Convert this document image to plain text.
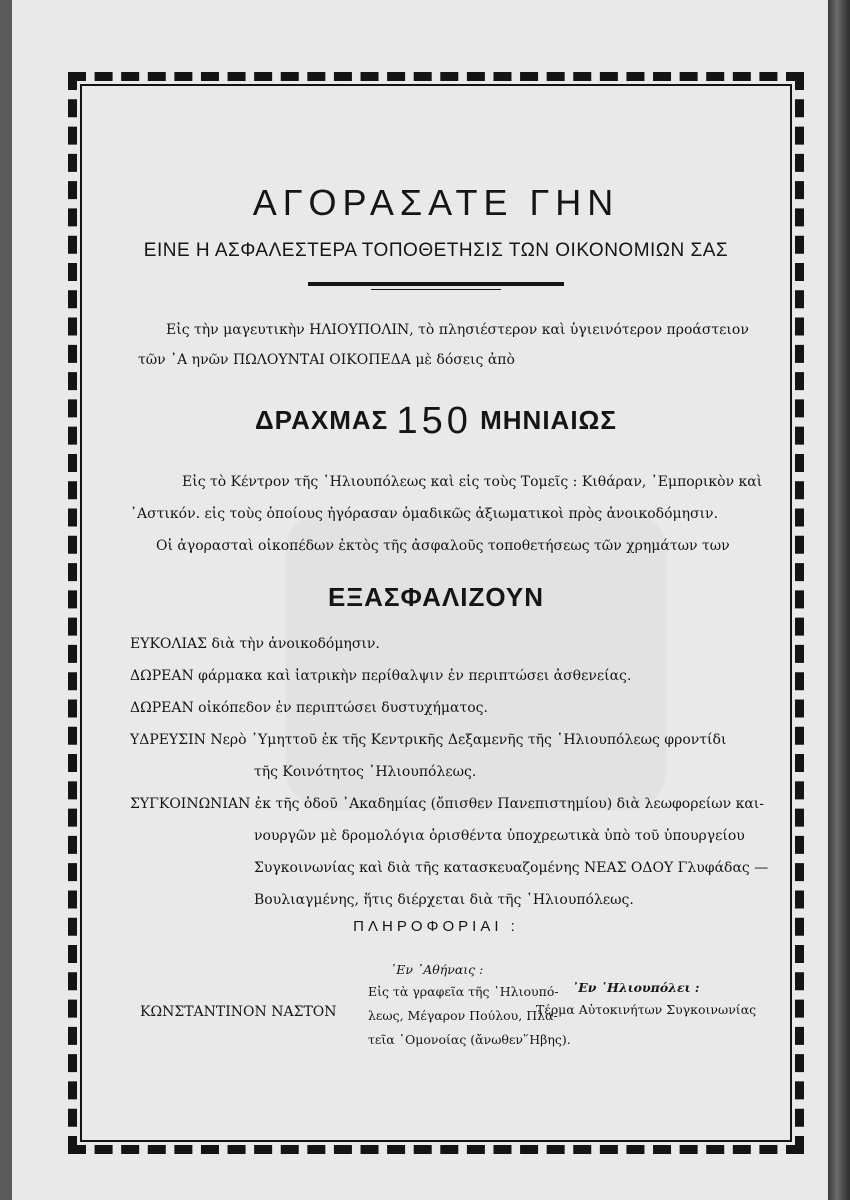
ΑΓΟΡΑΣΑΤΕ ΓΗΝ
ΕΙΝΕ Η ΑΣΦΑΛΕΣΤΕΡΑ ΤΟΠΟΘΕΤΗΣΙΣ ΤΩΝ ΟΙΚΟΝΟΜΙΩΝ ΣΑΣ
Εἰς τὴν μαγευτικὴν ΗΛΙΟΥΠΟΛΙΝ, τὸ πλησιέστερον καὶ ὑγιεινότερον προάστειον
τῶν ᾿Α ηνῶν ΠΩΛΟΥΝΤΑΙ ΟΙΚΟΠΕΔΑ μὲ δόσεις ἀπὸ
ΔΡΑΧΜΑΣ 150 ΜΗΝΙΑΙΩΣ
Εἰς τὸ Κέντρον τῆς ῾Ηλιουπόλεως καὶ εἰς τοὺς Τομεῖς : Κιθάραν, ᾿Εμπορικὸν καὶ
᾿Αστικόν. εἰς τοὺς ὁποίους ἠγόρασαν ὁμαδικῶς ἀξιωματικοὶ πρὸς ἀνοικοδόμησιν.
Οἱ ἀγορασταὶ οἰκοπέδων ἐκτὸς τῆς ἀσφαλοῦς τοποθετήσεως τῶν χρημάτων των
ΕΞΑΣΦΑΛΙΖΟΥΝ
ΕΥΚΟΛΙΑΣ διὰ τὴν ἀνοικοδόμησιν.
ΔΩΡΕΑΝ φάρμακα καὶ ἰατρικὴν περίθαλψιν ἐν περιπτώσει ἀσθενείας.
ΔΩΡΕΑΝ οἰκόπεδον ἐν περιπτώσει δυστυχήματος.
ΥΔΡΕΥΣΙΝ Νερὸ ῾Υμηττοῦ ἐκ τῆς Κεντρικῆς Δεξαμενῆς τῆς ῾Ηλιουπόλεως φροντίδι
τῆς Κοινότητος ῾Ηλιουπόλεως.
ΣΥΓΚΟΙΝΩΝΙΑΝ ἐκ τῆς ὁδοῦ ᾿Ακαδημίας (ὄπισθεν Πανεπιστημίου) διὰ λεωφορείων και-
νουργῶν μὲ δρομολόγια ὁρισθέντα ὑποχρεωτικὰ ὑπὸ τοῦ ὑπουργείου
Συγκοινωνίας καὶ διὰ τῆς κατασκευαζομένης ΝΕΑΣ ΟΔΟΥ Γλυφάδας —
Βουλιαγμένης, ἥτις διέρχεται διὰ τῆς ῾Ηλιουπόλεως.
ΠΛΗΡΟΦΟΡΙΑΙ :
᾿Εν ᾿Αθήναις :
Εἰς τὰ γραφεῖα τῆς ῾Ηλιουπό-
λεως, Μέγαρον Πούλου, Πλα-
τεῖα ῾Ομονοίας (ἄνωθεν῞Ηβης).
ΚΩΝΣΤΑΝΤΙΝΟΝ ΝΑΣΤΟΝ
᾿Εν ῾Ηλιουπόλει :
Τέρμα Αὐτοκινήτων Συγκοινωνίας
